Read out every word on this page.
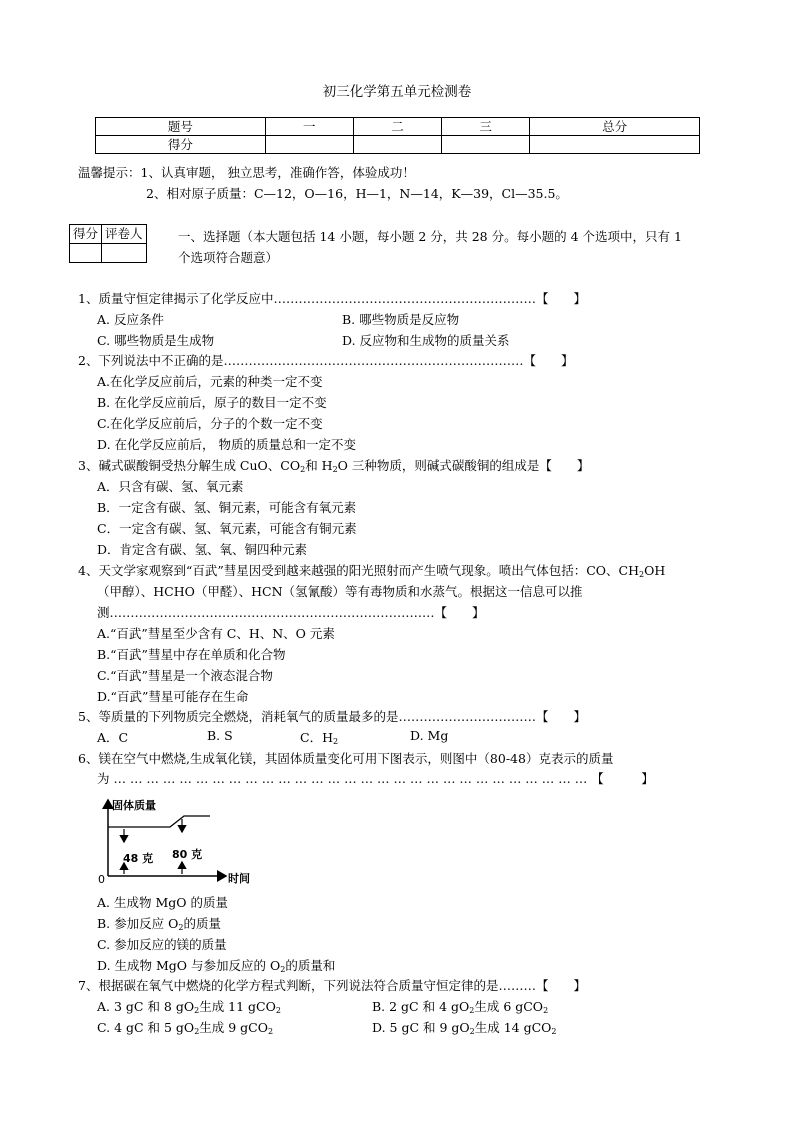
初三化学第五单元检测卷
题号	一	二	三	总分
得分				
温馨提示：1、认真审题， 独立思考，准确作答，体验成功！
2、相对原子质量：C—12，O—16，H—1，N—14，K—39，Cl—35.5。
得分	评卷人
		一、选择题（本大题包括 14 小题，每小题 2 分，共 28 分。每小题的 4 个选项中，只有 1
个选项符合题意）
1、质量守恒定律揭示了化学反应中………………………………………………………【　　】
A. 反应条件	B. 哪些物质是反应物
C. 哪些物质是生成物	D. 反应物和生成物的质量关系
2、下列说法中不正确的是………………………………………………………………【　　】
A.在化学反应前后，元素的种类一定不变
B. 在化学反应前后，原子的数目一定不变
C.在化学反应前后，分子的个数一定不变
D. 在化学反应前后， 物质的质量总和一定不变
3、碱式碳酸铜受热分解生成 CuO、$CO_2$和 $H_2O$ 三种物质，则碱式碳酸铜的组成是【　　】
A．只含有碳、氢、氧元素
B．一定含有碳、氢、铜元素，可能含有氧元素
C．一定含有碳、氢、氧元素，可能含有铜元素
D．肯定含有碳、氢、氧、铜四种元素
4、天文学家观察到“百武”彗星因受到越来越强的阳光照射而产生喷气现象。喷出气体包括：CO、$CH_2OH$
（甲醇）、HCHO（甲醛）、HCN（氢氰酸）等有毒物质和水蒸气。根据这一信息可以推
测……………………………………………………………………【　　】
A.“百武”彗星至少含有 C、H、N、O 元素
B.“百武”彗星中存在单质和化合物
C.“百武”彗星是一个液态混合物
D.“百武”彗星可能存在生命
5、等质量的下列物质完全燃烧，消耗氧气的质量最多的是……………………………【　　】
A．C	B. S	C．$H_2$	D. Mg
6、镁在空气中燃烧,生成氧化镁，其固体质量变化可用下图表示，则图中（80-48）克表示的质量
为 … … … … … … … … … … … … … … … … … … … … … … … … … … … … … 【　　　】
固体质量
48 克 80 克
时间
0
A. 生成物 MgO 的质量
B. 参加反应 $O_2$的质量
C. 参加反应的镁的质量
D. 生成物 MgO 与参加反应的 $O_2$的质量和
7、根据碳在氧气中燃烧的化学方程式判断，下列说法符合质量守恒定律的是………【　　】
A. 3 gC 和 8 $gO_2$生成 11 gCO$_2$	B. 2 gC 和 4 $gO_2$生成 6 gCO$_2$
C. 4 gC 和 5 $gO_2$生成 9 gCO$_2$	D. 5 gC 和 9 $gO_2$生成 14 gCO$_2$
